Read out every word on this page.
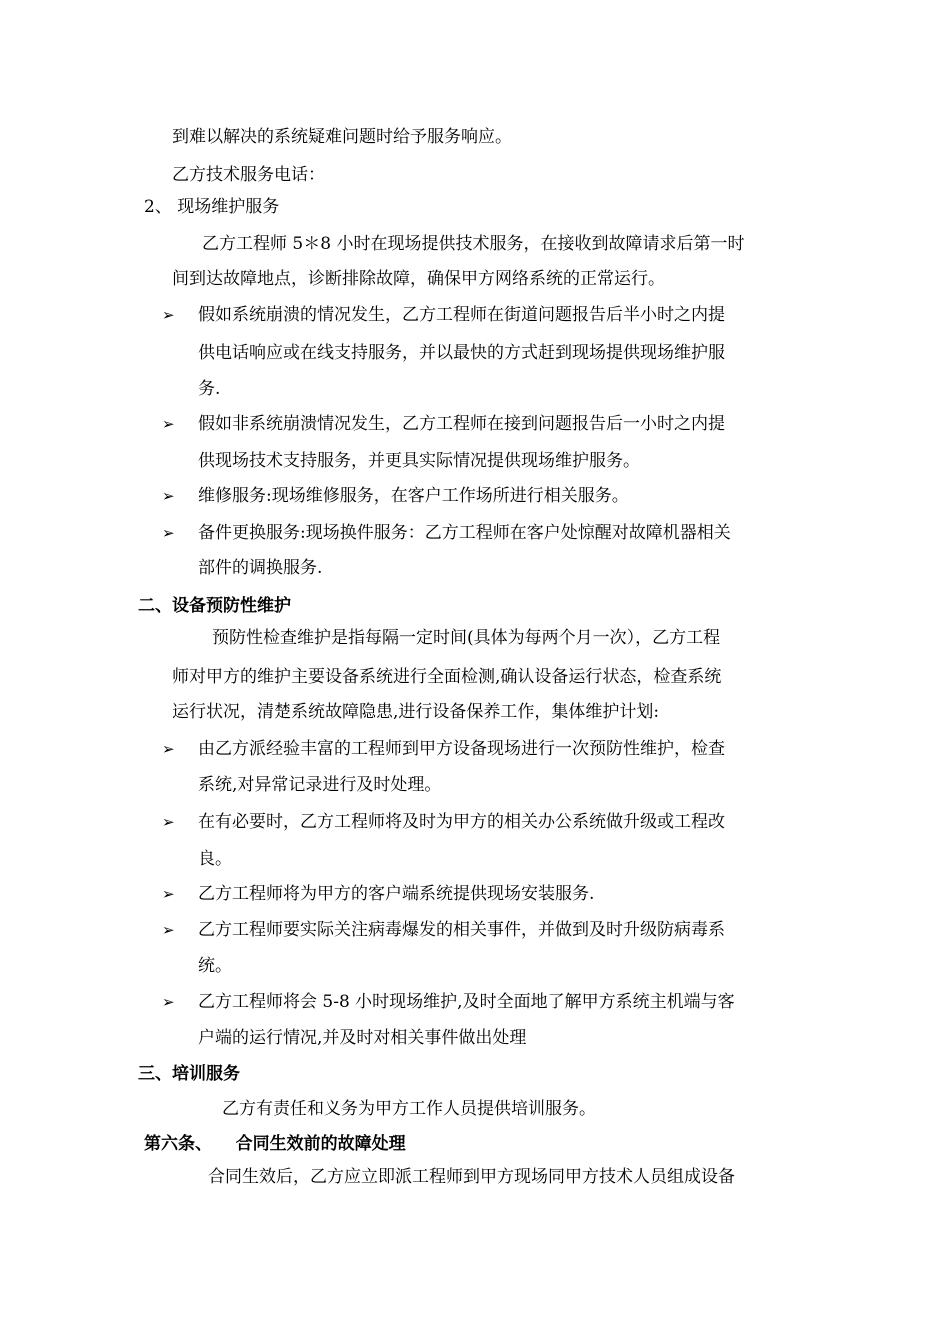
到难以解决的系统疑难问题时给予服务响应。
乙方技术服务电话：
2、 现场维护服务
乙方工程师 5＊8 小时在现场提供技术服务，在接收到故障请求后第一时
间到达故障地点，诊断排除故障，确保甲方网络系统的正常运行。
➢ 假如系统崩溃的情况发生，乙方工程师在街道问题报告后半小时之内提
供电话响应或在线支持服务，并以最快的方式赶到现场提供现场维护服
务.
➢ 假如非系统崩溃情况发生，乙方工程师在接到问题报告后一小时之内提
供现场技术支持服务，并更具实际情况提供现场维护服务。
➢ 维修服务:现场维修服务，在客户工作场所进行相关服务。
➢ 备件更换服务:现场换件服务：乙方工程师在客户处惊醒对故障机器相关
部件的调换服务.
二、设备预防性维护
预防性检查维护是指每隔一定时间(具体为每两个月一次），乙方工程
师对甲方的维护主要设备系统进行全面检测,确认设备运行状态，检查系统
运行状况，清楚系统故障隐患,进行设备保养工作，集体维护计划:
➢ 由乙方派经验丰富的工程师到甲方设备现场进行一次预防性维护，检查
系统,对异常记录进行及时处理。
➢ 在有必要时，乙方工程师将及时为甲方的相关办公系统做升级或工程改
良。
➢ 乙方工程师将为甲方的客户端系统提供现场安装服务.
➢ 乙方工程师要实际关注病毒爆发的相关事件，并做到及时升级防病毒系
统。
➢ 乙方工程师将会 5-8 小时现场维护,及时全面地了解甲方系统主机端与客
户端的运行情况,并及时对相关事件做出处理
三、培训服务
乙方有责任和义务为甲方工作人员提供培训服务。
第六条、    合同生效前的故障处理
合同生效后，乙方应立即派工程师到甲方现场同甲方技术人员组成设备
